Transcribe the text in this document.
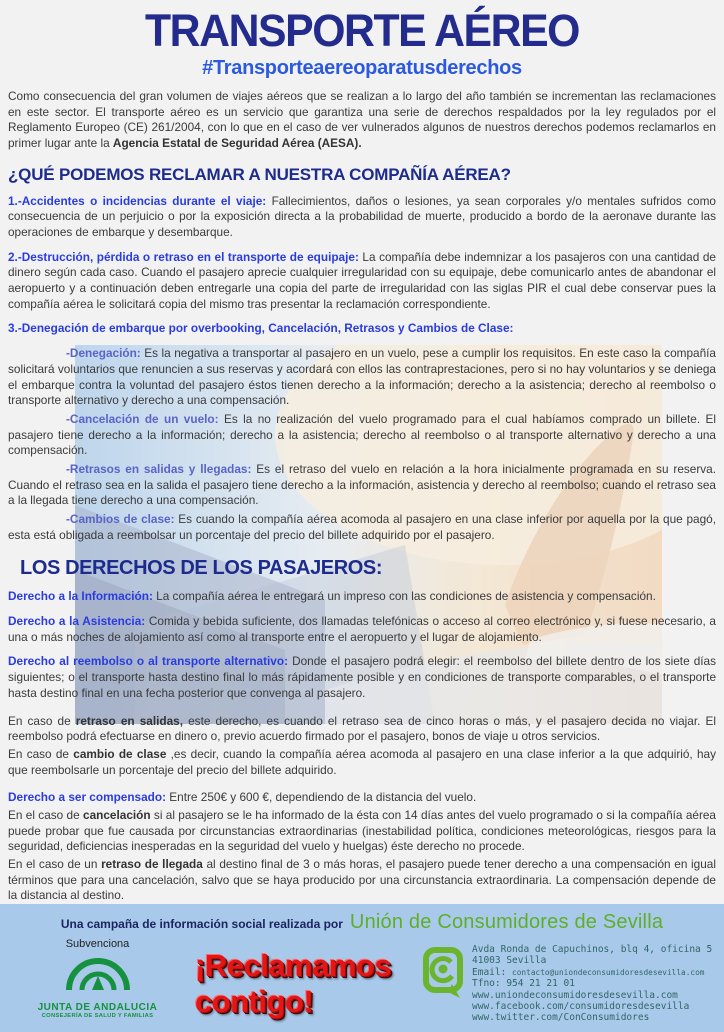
TRANSPORTE AÉREO
#Transporteaereoparatusderechos

Como consecuencia del gran volumen de viajes aéreos que se realizan a lo largo del año también se incrementan las reclamaciones en este sector. El transporte aéreo es un servicio que garantiza una serie de derechos respaldados por la ley regulados por el Reglamento Europeo (CE) 261/2004, con lo que en el caso de ver vulnerados algunos de nuestros derechos podemos reclamarlos en primer lugar ante la Agencia Estatal de Seguridad Aérea (AESA).

¿QUÉ PODEMOS RECLAMAR A NUESTRA COMPAÑÍA AÉREA?

1.-Accidentes o incidencias durante el viaje: Fallecimientos, daños o lesiones, ya sean corporales y/o mentales sufridos como consecuencia de un perjuicio o por la exposición directa a la probabilidad de muerte, producido a bordo de la aeronave durante las operaciones de embarque y desembarque.

2.-Destrucción, pérdida o retraso en el transporte de equipaje: La compañía debe indemnizar a los pasajeros con una cantidad de dinero según cada caso. Cuando el pasajero aprecie cualquier irregularidad con su equipaje, debe comunicarlo antes de abandonar el aeropuerto y a continuación deben entregarle una copia del parte de irregularidad con las siglas PIR el cual debe conservar pues la compañía aérea le solicitará copia del mismo tras presentar la reclamación correspondiente.

3.-Denegación de embarque por overbooking, Cancelación, Retrasos y Cambios de Clase:

-Denegación: Es la negativa a transportar al pasajero en un vuelo, pese a cumplir los requisitos. En este caso la compañía solicitará voluntarios que renuncien a sus reservas y acordará con ellos las contraprestaciones, pero si no hay voluntarios y se deniega el embarque contra la voluntad del pasajero éstos tienen derecho a la información; derecho a la asistencia; derecho al reembolso o transporte alternativo y derecho a una compensación.

-Cancelación de un vuelo: Es la no realización del vuelo programado para el cual habíamos comprado un billete. El pasajero tiene derecho a la información; derecho a la asistencia; derecho al reembolso o al transporte alternativo y derecho a una compensación.

-Retrasos en salidas y llegadas: Es el retraso del vuelo en relación a la hora inicialmente programada en su reserva. Cuando el retraso sea en la salida el pasajero tiene derecho a la información, asistencia y derecho al reembolso; cuando el retraso sea a la llegada tiene derecho a una compensación.

-Cambios de clase: Es cuando la compañía aérea acomoda al pasajero en una clase inferior por aquella por la que pagó, esta está obligada a reembolsar un porcentaje del precio del billete adquirido por el pasajero.

LOS DERECHOS DE LOS PASAJEROS:

Derecho a la Información: La compañía aérea le entregará un impreso con las condiciones de asistencia y compensación.

Derecho a la Asistencia: Comida y bebida suficiente, dos llamadas telefónicas o acceso al correo electrónico y, si fuese necesario, a una o más noches de alojamiento así como al transporte entre el aeropuerto y el lugar de alojamiento.

Derecho al reembolso o al transporte alternativo: Donde el pasajero podrá elegir: el reembolso del billete dentro de los siete días siguientes; o el transporte hasta destino final lo más rápidamente posible y en condiciones de transporte comparables, o el transporte hasta destino final en una fecha posterior que convenga al pasajero.

En caso de retraso en salidas, este derecho, es cuando el retraso sea de cinco horas o más, y el pasajero decida no viajar. El reembolso podrá efectuarse en dinero o, previo acuerdo firmado por el pasajero, bonos de viaje u otros servicios.

En caso de cambio de clase ,es decir, cuando la compañía aérea acomoda al pasajero en una clase inferior a la que adquirió, hay que reembolsarle un porcentaje del precio del billete adquirido.

Derecho a ser compensado: Entre 250€ y 600 €, dependiendo de la distancia del vuelo.

En el caso de cancelación si al pasajero se le ha informado de la ésta con 14 días antes del vuelo programado o si la compañía aérea puede probar que fue causada por circunstancias extraordinarias (inestabilidad política, condiciones meteorológicas, riesgos para la seguridad, deficiencias inesperadas en la seguridad del vuelo y huelgas) éste derecho no procede.

En el caso de un retraso de llegada al destino final de 3 o más horas, el pasajero puede tener derecho a una compensación en igual términos que para una cancelación, salvo que se haya producido por una circunstancia extraordinaria. La compensación depende de la distancia al destino.

Una campaña de información social realizada por Unión de Consumidores de Sevilla
Subvenciona
JUNTA DE ANDALUCIA
CONSEJERÍA DE SALUD Y FAMILIAS
¡Reclamamos contigo!
Avda Ronda de Capuchinos, blq 4, oficina 5
41003 Sevilla
Email: contacto@uniondeconsumidoresdesevilla.com
Tfno: 954 21 21 01
www.uniondeconsumidoresdesevilla.com
www.facebook.com/consumidoresdesevilla
www.twitter.com/ConConsumidores
